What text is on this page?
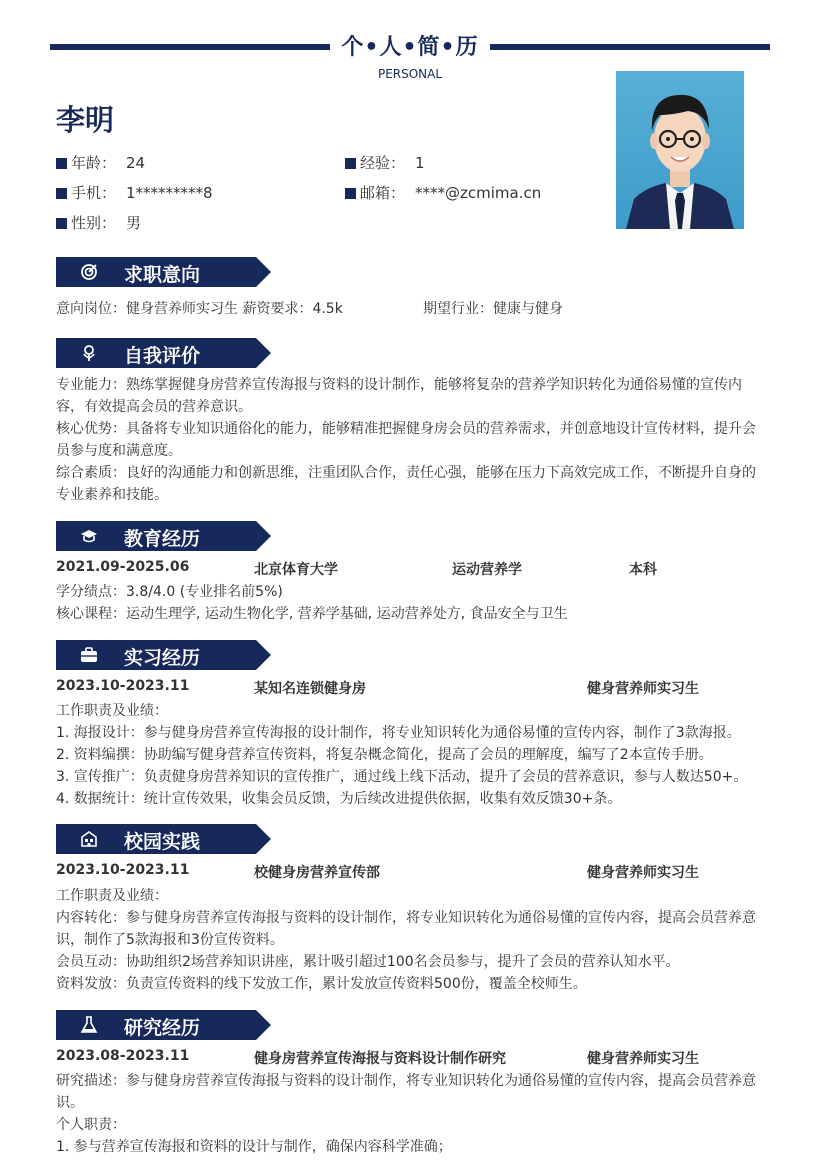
个•人•简•历
PERSONAL
李明
年龄： 24	经验： 1
手机： 1*********8	邮箱： ****@zcmima.cn
性别： 男
求职意向
意向岗位：健身营养师实习生 薪资要求：4.5k	期望行业：健康与健身
自我评价
专业能力：熟练掌握健身房营养宣传海报与资料的设计制作，能够将复杂的营养学知识转化为通俗易懂的宣传内容，有效提高会员的营养意识。
核心优势：具备将专业知识通俗化的能力，能够精准把握健身房会员的营养需求，并创意地设计宣传材料，提升会员参与度和满意度。
综合素质：良好的沟通能力和创新思维，注重团队合作，责任心强，能够在压力下高效完成工作，不断提升自身的专业素养和技能。
教育经历
2021.09-2025.06	北京体育大学	运动营养学	本科
学分绩点：3.8/4.0 (专业排名前5%)
核心课程：运动生理学, 运动生物化学, 营养学基础, 运动营养处方, 食品安全与卫生
实习经历
2023.10-2023.11	某知名连锁健身房	健身营养师实习生
工作职责及业绩：
1. 海报设计：参与健身房营养宣传海报的设计制作，将专业知识转化为通俗易懂的宣传内容，制作了3款海报。
2. 资料编撰：协助编写健身营养宣传资料，将复杂概念简化，提高了会员的理解度，编写了2本宣传手册。
3. 宣传推广：负责健身房营养知识的宣传推广，通过线上线下活动，提升了会员的营养意识，参与人数达50+。
4. 数据统计：统计宣传效果，收集会员反馈，为后续改进提供依据，收集有效反馈30+条。
校园实践
2023.10-2023.11	校健身房营养宣传部	健身营养师实习生
工作职责及业绩：
内容转化：参与健身房营养宣传海报与资料的设计制作，将专业知识转化为通俗易懂的宣传内容，提高会员营养意识，制作了5款海报和3份宣传资料。
会员互动：协助组织2场营养知识讲座，累计吸引超过100名会员参与，提升了会员的营养认知水平。
资料发放：负责宣传资料的线下发放工作，累计发放宣传资料500份，覆盖全校师生。
研究经历
2023.08-2023.11	健身房营养宣传海报与资料设计制作研究	健身营养师实习生
研究描述：参与健身房营养宣传海报与资料的设计制作，将专业知识转化为通俗易懂的宣传内容，提高会员营养意识。
个人职责：
1. 参与营养宣传海报和资料的设计与制作，确保内容科学准确；
